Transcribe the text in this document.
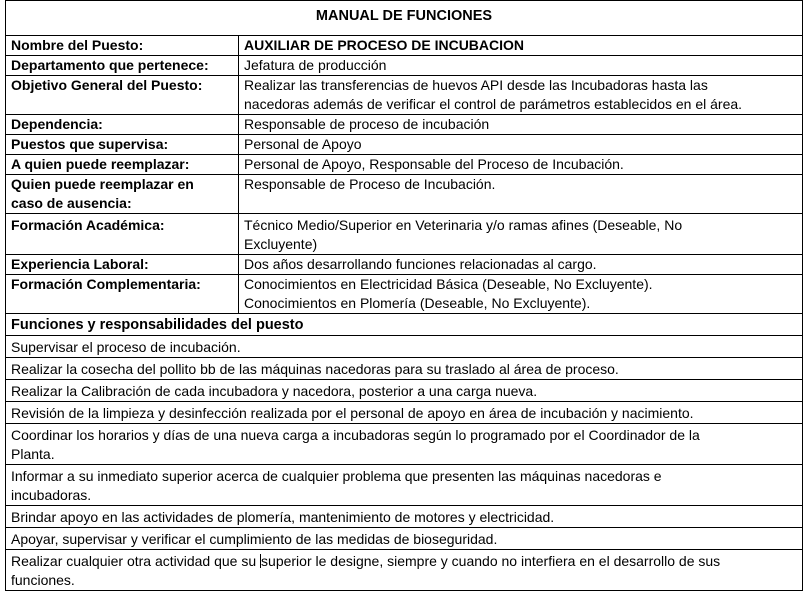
MANUAL DE FUNCIONES	
Nombre del Puesto:	AUXILIAR DE PROCESO DE INCUBACION
Departamento que pertenece:	Jefatura de producción
Objetivo General del Puesto:	Realizar las transferencias de huevos API desde las Incubadoras hasta las
nacedoras además de verificar el control de parámetros establecidos en el área.

Dependencia:	Responsable de proceso de incubación
Puestos que supervisa:	Personal de Apoyo
A quien puede reemplazar:	Personal de Apoyo, Responsable del Proceso de Incubación.

Quien puede reemplazar en
caso de ausencia:	Responsable de Proceso de Incubación.
Formación Académica:	Técnico Medio/Superior en Veterinaria y/o ramas afines (Deseable, No
Excluyente)

Experiencia Laboral:	Dos años desarrollando funciones relacionadas al cargo.
Formación Complementaria:	Conocimientos en Electricidad Básica (Deseable, No Excluyente).
Conocimientos en Plomería (Deseable, No Excluyente).

Funciones y responsabilidades del puesto	
Supervisar el proceso de incubación.	
Realizar la cosecha del pollito bb de las máquinas nacedoras para su traslado al área de proceso.	
Realizar la Calibración de cada incubadora y nacedora, posterior a una carga nueva.	
Revisión de la limpieza y desinfección realizada por el personal de apoyo en área de incubación y nacimiento.	

Coordinar los horarios y días de una nueva carga a incubadoras según lo programado por el Coordinador de la
Planta.	

Informar a su inmediato superior acerca de cualquier problema que presenten las máquinas nacedoras e
incubadoras.	

Brindar apoyo en las actividades de plomería, mantenimiento de motores y electricidad.	
Apoyar, supervisar y verificar el cumplimiento de las medidas de bioseguridad.	

Realizar cualquier otra actividad que su superior le designe, siempre y cuando no interfiera en el desarrollo de sus
funciones.	
